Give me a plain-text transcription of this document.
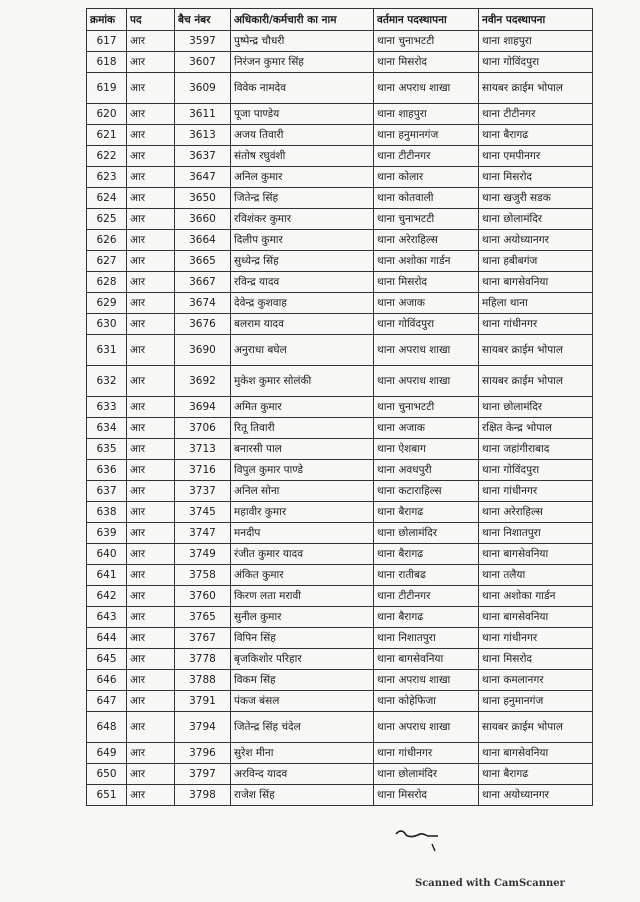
क्रमांक	पद	बैच नंबर	अधिकारी/कर्मचारी का नाम	वर्तमान पदस्थापना	नवीन पदस्थापना
617	आर	3597	पुष्पेन्द्र चौधरी	थाना चुनाभटटी	थाना शाहपुरा
618	आर	3607	निरंजन कुमार सिंह	थाना मिसरोद	थाना गोविंदपुरा
619	आर	3609	विवेक नामदेव	थाना अपराध शाखा	सायबर क्राईम भोपाल
620	आर	3611	पूजा पाण्डेय	थाना शाहपुरा	थाना टीटीनगर
621	आर	3613	अजय तिवारी	थाना हनुमानगंज	थाना बैरागढ
622	आर	3637	संतोष रघुवंशी	थाना टीटीनगर	थाना एमपीनगर
623	आर	3647	अनिल कुमार	थाना कोलार	थाना मिसरोद
624	आर	3650	जितेन्द्र सिंह	थाना कोतवाली	थाना खजुरी सडक
625	आर	3660	रविशंकर कुमार	थाना चुनाभटटी	थाना छोलामंदिर
626	आर	3664	दिलीप कुमार	थाना अरेराहिल्स	थाना अयोध्यानगर
627	आर	3665	सुध्येन्द्र सिंह	थाना अशोका गार्डन	थाना हबीबगंज
628	आर	3667	रविन्द्र यादव	थाना मिसरोद	थाना बागसेवनिया
629	आर	3674	देवेन्द्र कुशवाह	थाना अजाक	महिला थाना
630	आर	3676	बलराम यादव	थाना गोविंदपुरा	थाना गांधीनगर
631	आर	3690	अनुराधा बघेल	थाना अपराध शाखा	सायबर क्राईम भोपाल
632	आर	3692	मुकेश कुमार सोलंकी	थाना अपराध शाखा	सायबर क्राईम भोपाल
633	आर	3694	अमित कुमार	थाना चुनाभटटी	थाना छोलामंदिर
634	आर	3706	रितू तिवारी	थाना अजाक	रक्षित केन्द्र भोपाल
635	आर	3713	बनारसी पाल	थाना ऐशबाग	थाना जहांगीराबाद
636	आर	3716	विपुल कुमार पाण्डे	थाना अवधपुरी	थाना गोविंदपुरा
637	आर	3737	अनिल सोना	थाना कटाराहिल्स	थाना गांधीनगर
638	आर	3745	महावीर कुमार	थाना बैरागढ	थाना अरेराहिल्स
639	आर	3747	मनदीप	थाना छोलामंदिर	थाना निशातपुरा
640	आर	3749	रंजीत कुमार यादव	थाना बैरागढ	थाना बागसेवनिया
641	आर	3758	अंकित कुमार	थाना रातीबढ	थाना तलैया
642	आर	3760	किरण लता मरावी	थाना टीटीनगर	थाना अशोका गार्डन
643	आर	3765	सुनील कुमार	थाना बैरागढ	थाना बागसेवनिया
644	आर	3767	विपिन सिंह	थाना निशातपुरा	थाना गांधीनगर
645	आर	3778	बृजकिशोर परिहार	थाना बागसेवनिया	थाना मिसरोद
646	आर	3788	विकम सिंह	थाना अपराध शाखा	थाना कमलानगर
647	आर	3791	पंकज बंसल	थाना कोहेफिजा	थाना हनुमानगंज
648	आर	3794	जितेन्द्र सिंह चंदेल	थाना अपराध शाखा	सायबर क्राईम भोपाल
649	आर	3796	सुरेश मीना	थाना गांधीनगर	थाना बागसेवनिया
650	आर	3797	अरविन्द यादव	थाना छोलामंदिर	थाना बैरागढ
651	आर	3798	राजेश सिंह	थाना मिसरोद	थाना अयोध्यानगर
Scanned with CamScanner
